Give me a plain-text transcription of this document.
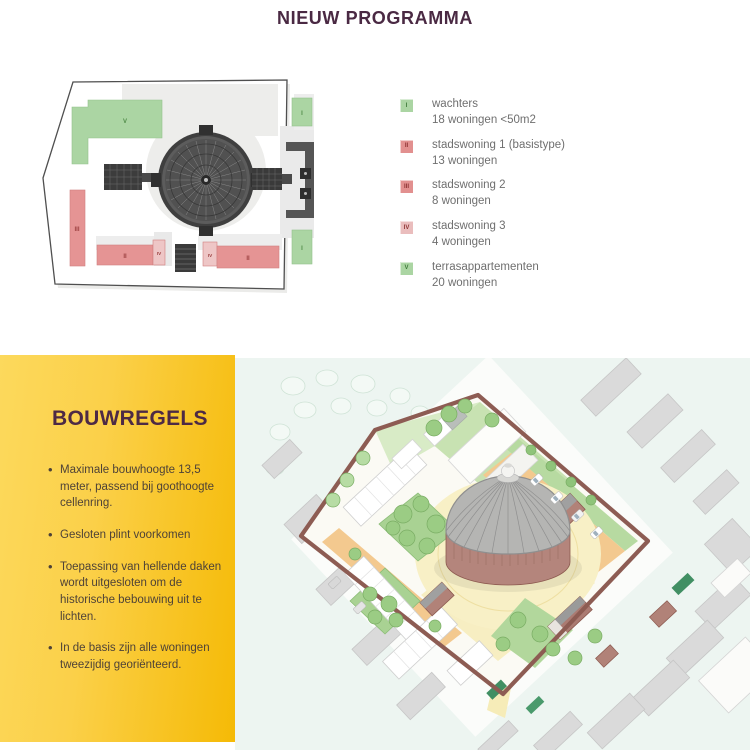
NIEUW PROGRAMMA
V
I
III
II
IV	IV
II
I
I wachters
18 woningen <50m2
II stadswoning 1 (basistype)
13 woningen
III stadswoning 2
8 woningen
IV stadswoning 3
4 woningen
V terrasappartementen
20 woningen
BOUWREGELS
• Maximale bouwhoogte 13,5 meter, passend bij goothoogte cellenring.
• Gesloten plint voorkomen
• Toepassing van hellende daken wordt uitgesloten om de historische bebouwing uit te lichten.
• In de basis zijn alle woningen tweezijdig georiënteerd.
